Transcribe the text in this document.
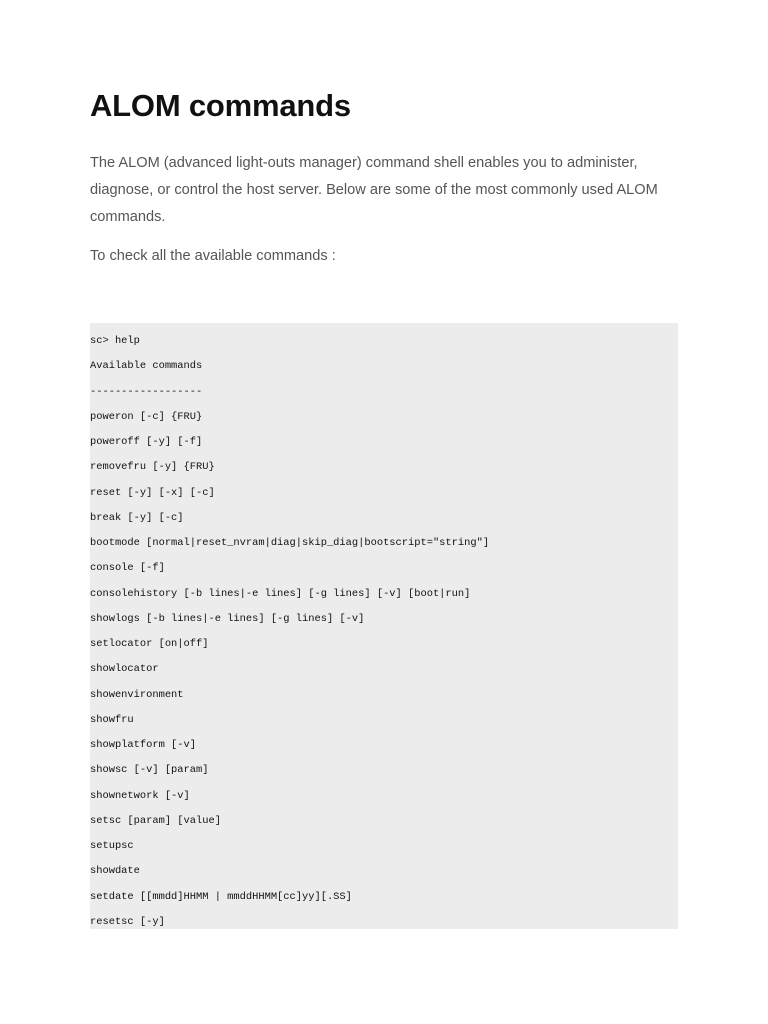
ALOM commands

The ALOM (advanced light-outs manager) command shell enables you to administer, diagnose, or control the host server. Below are some of the most commonly used ALOM commands.

To check all the available commands :

sc> help
Available commands
------------------
poweron [-c] {FRU}
poweroff [-y] [-f]
removefru [-y] {FRU}
reset [-y] [-x] [-c]
break [-y] [-c]
bootmode [normal|reset_nvram|diag|skip_diag|bootscript="string"]
console [-f]
consolehistory [-b lines|-e lines] [-g lines] [-v] [boot|run]
showlogs [-b lines|-e lines] [-g lines] [-v]
setlocator [on|off]
showlocator
showenvironment
showfru
showplatform [-v]
showsc [-v] [param]
shownetwork [-v]
setsc [param] [value]
setupsc
showdate
setdate [[mmdd]HHMM | mmddHHMM[cc]yy][.SS]
resetsc [-y]
